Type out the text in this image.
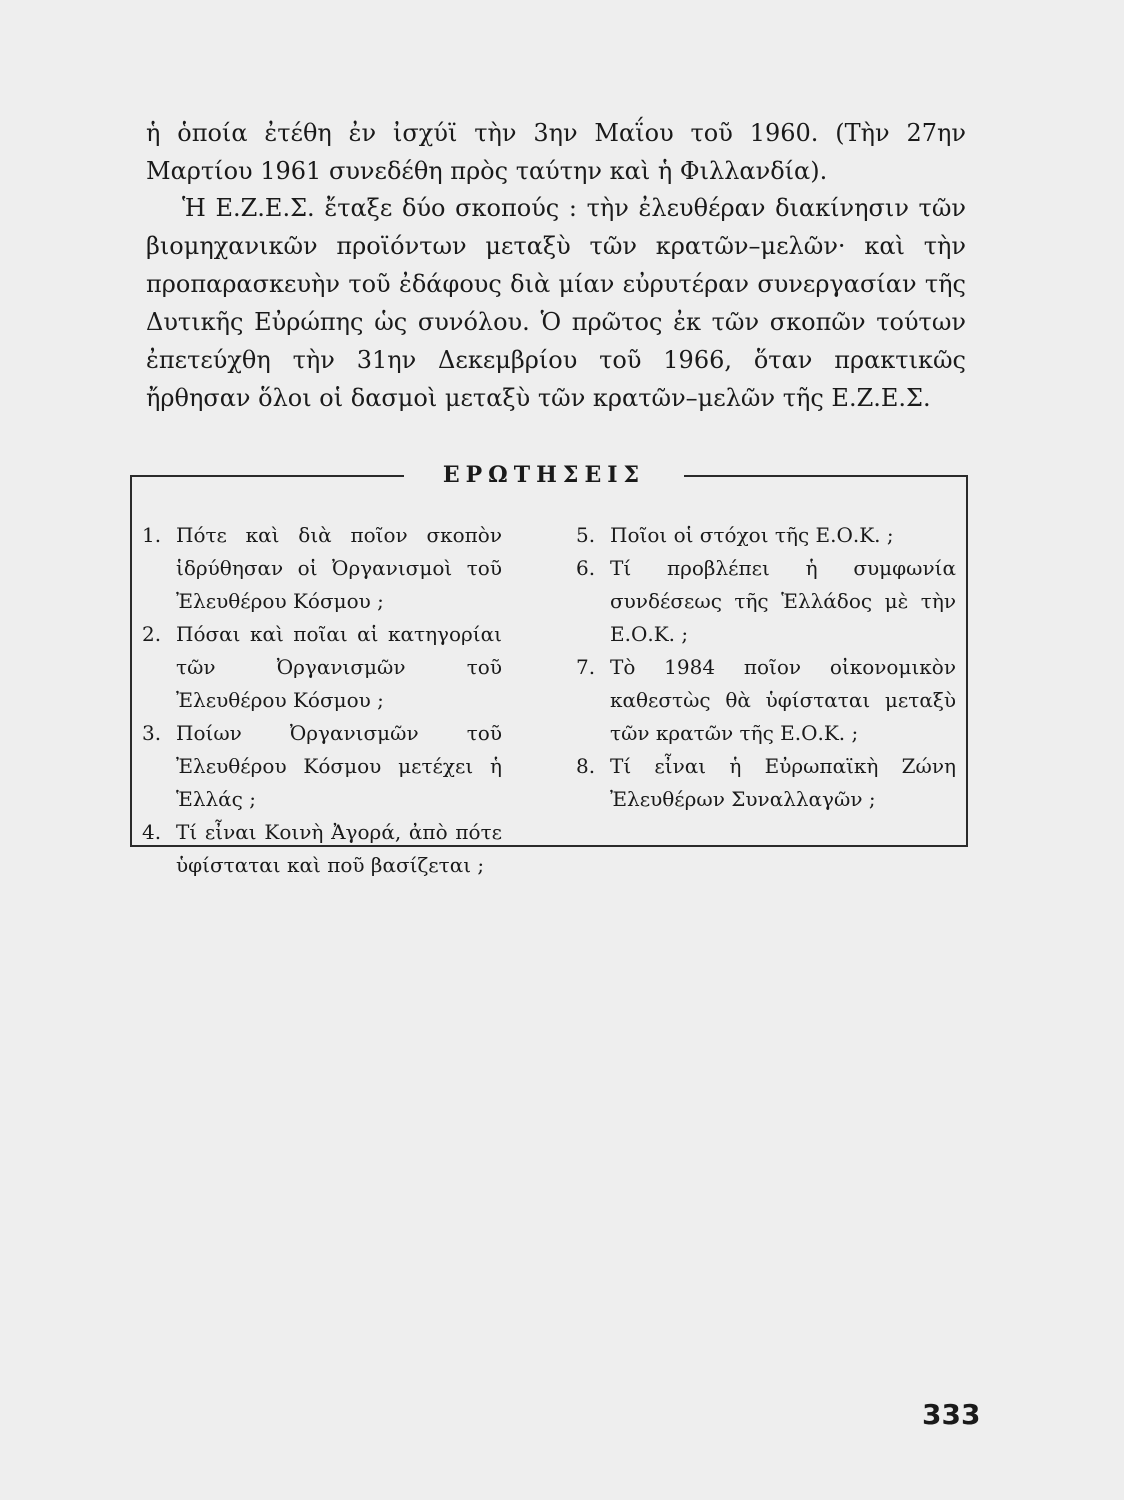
ἡ ὁποία ἐτέθη ἐν ἰσχύϊ τὴν 3ην Μαΐου τοῦ 1960. (Τὴν 27ην Μαρτίου 1961 συνεδέθη πρὸς ταύτην καὶ ἡ Φιλλανδία).

Ἡ Ε.Ζ.Ε.Σ. ἔταξε δύο σκοπούς : τὴν ἐλευθέραν διακίνησιν τῶν βιομηχανικῶν προϊόντων μεταξὺ τῶν κρατῶν–μελῶν· καὶ τὴν προπαρασκευὴν τοῦ ἐδάφους διὰ μίαν εὐρυτέραν συνεργασίαν τῆς Δυτικῆς Εὐρώπης ὡς συνόλου. Ὁ πρῶτος ἐκ τῶν σκοπῶν τούτων ἐπετεύχθη τὴν 31ην Δεκεμβρίου τοῦ 1966, ὅταν πρακτικῶς ἤρθησαν ὅλοι οἱ δασμοὶ μεταξὺ τῶν κρατῶν–μελῶν τῆς Ε.Ζ.Ε.Σ.

1. Πότε καὶ διὰ ποῖον σκοπὸν ἱδρύθησαν οἱ Ὀργανισμοὶ τοῦ Ἐλευθέρου Κόσμου ;

2. Πόσαι καὶ ποῖαι αἱ κατηγορίαι τῶν Ὀργανισμῶν τοῦ Ἐλευθέρου Κόσμου ;

3. Ποίων Ὀργανισμῶν τοῦ Ἐλευθέρου Κόσμου μετέχει ἡ Ἑλλάς ;

4. Τί εἶναι Κοινὴ Ἀγορά, ἀπὸ πότε ὑφίσταται καὶ ποῦ βασίζεται ;

5. Ποῖοι οἱ στόχοι τῆς Ε.Ο.Κ. ;

6. Τί προβλέπει ἡ συμφωνία συνδέσεως τῆς Ἑλλάδος μὲ τὴν Ε.Ο.Κ. ;

7. Τὸ 1984 ποῖον οἰκονομικὸν καθεστὼς θὰ ὑφίσταται μεταξὺ τῶν κρατῶν τῆς Ε.Ο.Κ. ;

8. Τί εἶναι ἡ Εὐρωπαϊκὴ Ζώνη Ἐλευθέρων Συναλλαγῶν ;

ΕΡΩΤΗΣΕΙΣ
333
